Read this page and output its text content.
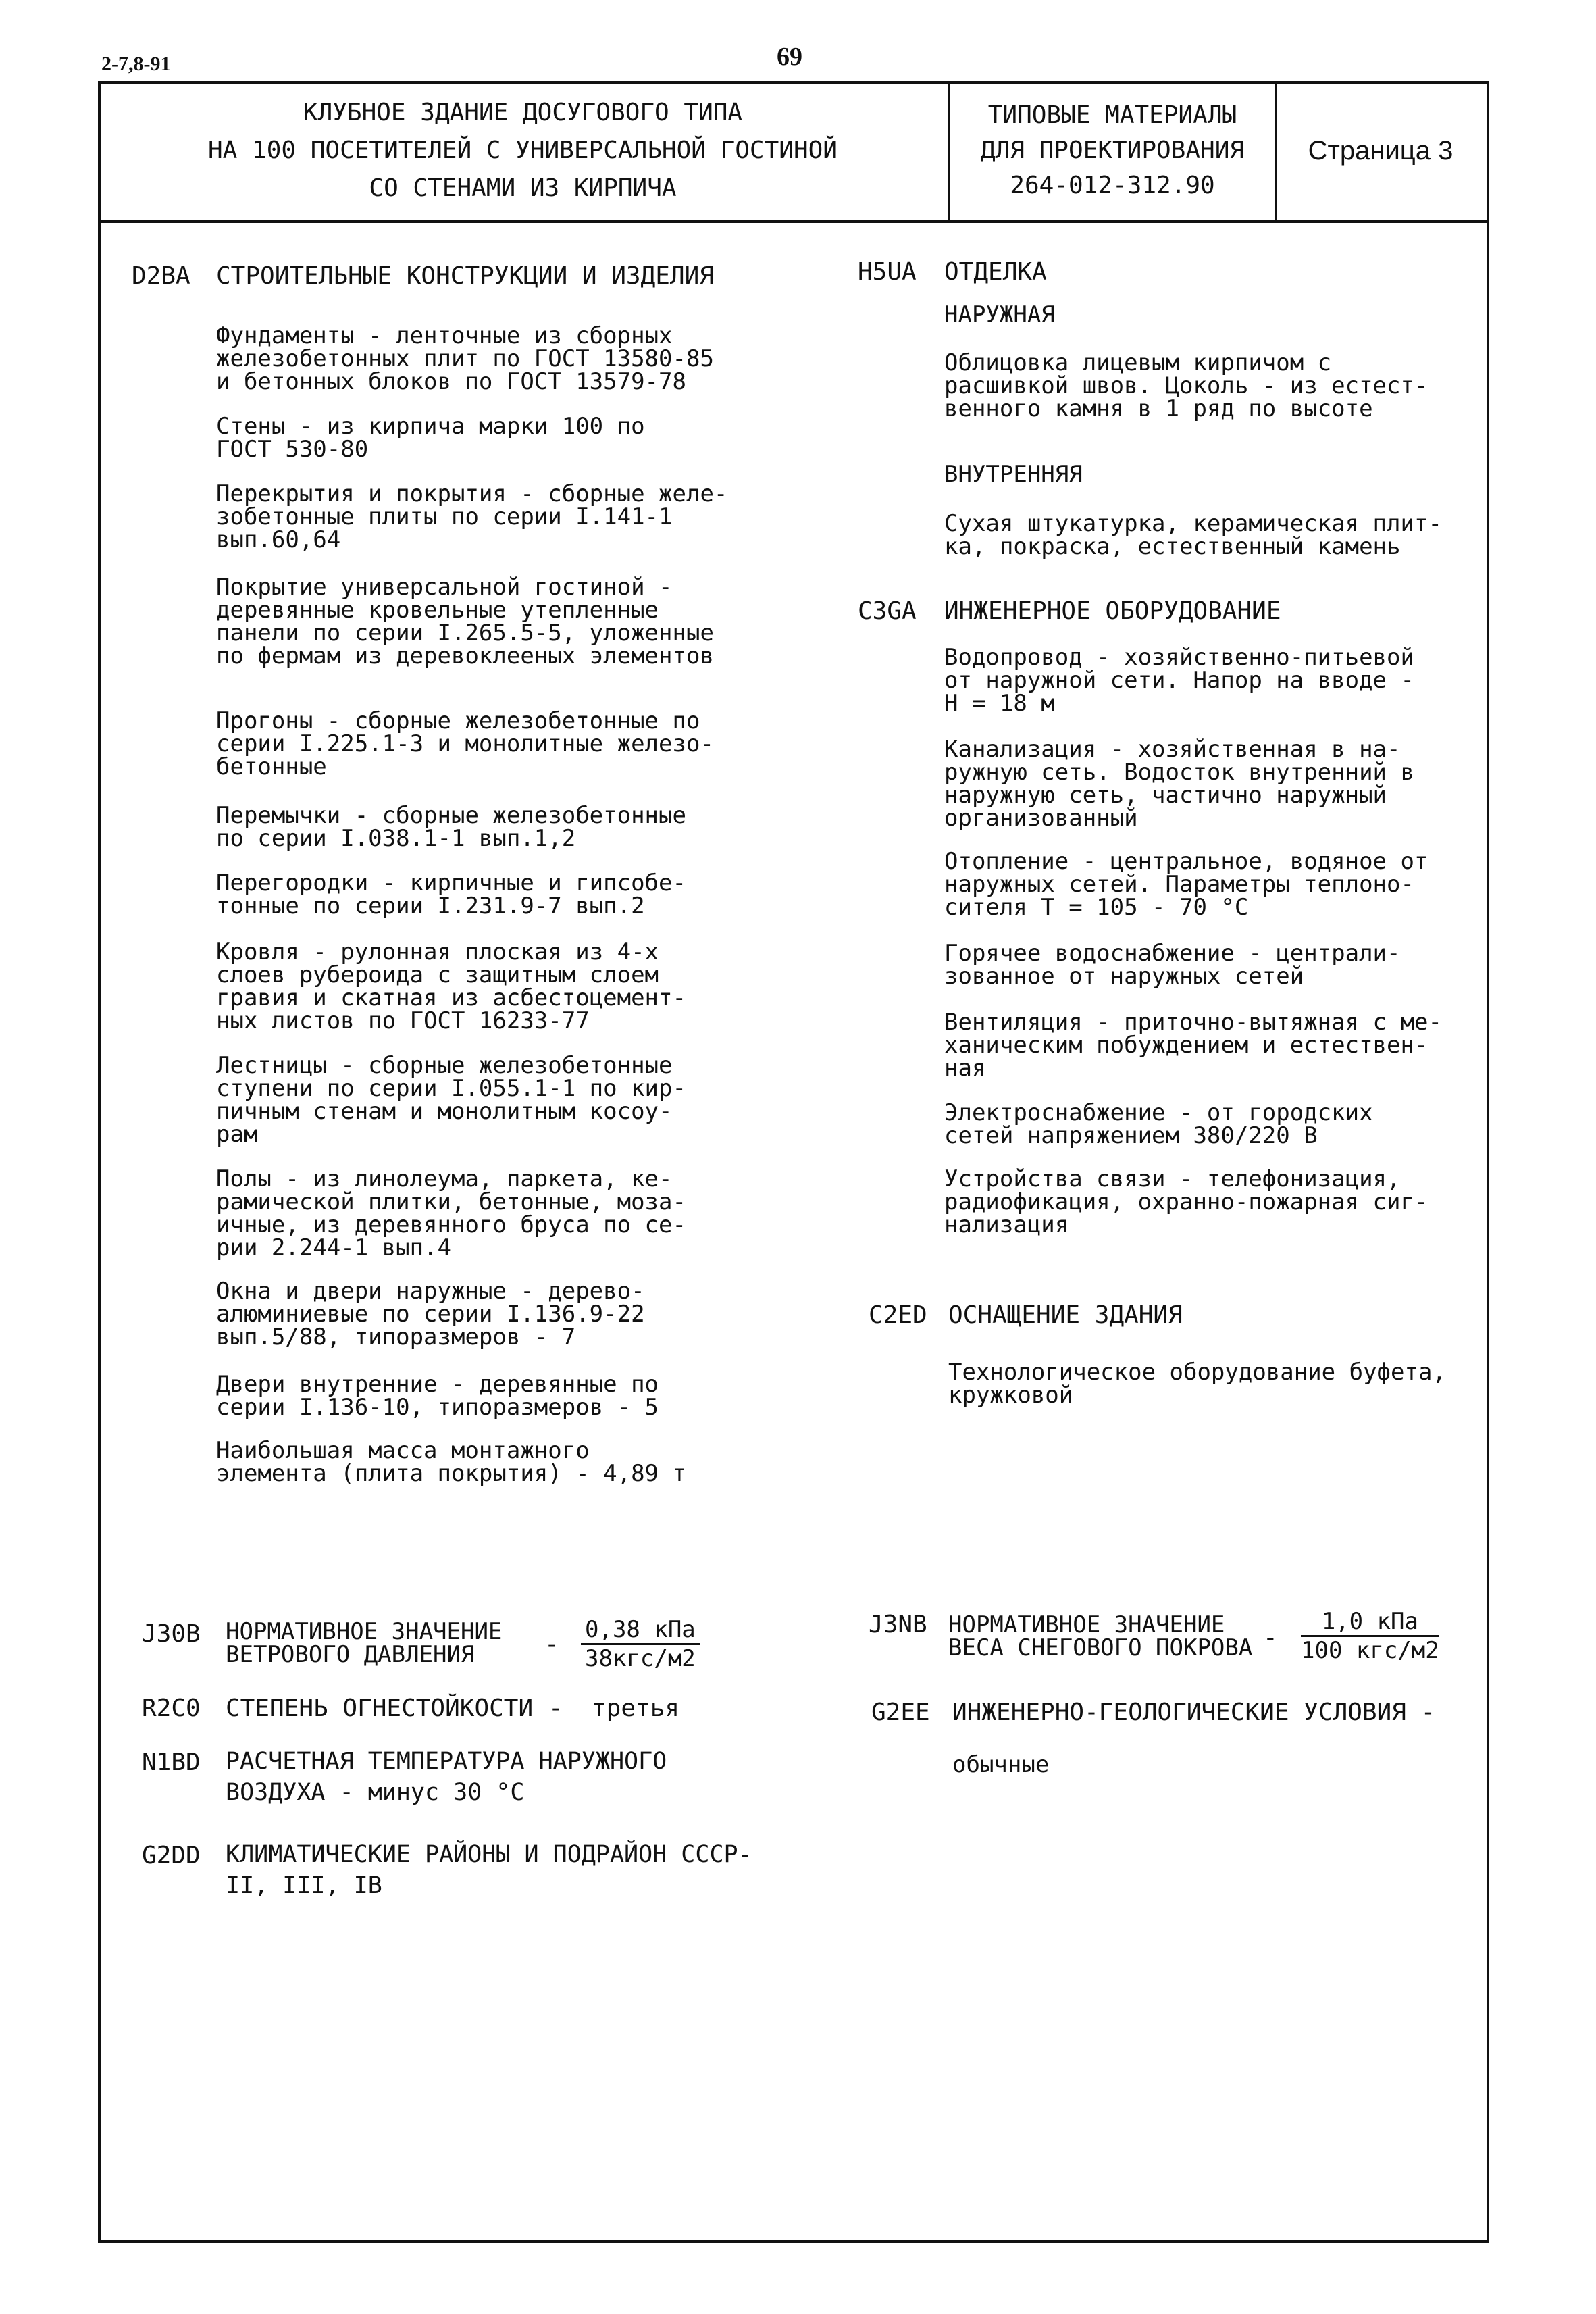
2-7,8-91	69
КЛУБНОЕ ЗДАНИЕ ДОСУГОВОГО ТИПА
НА 100 ПОСЕТИТЕЛЕЙ С УНИВЕРСАЛЬНОЙ ГОСТИНОЙ
СО СТЕНАМИ ИЗ КИРПИЧА
ТИПОВЫЕ МАТЕРИАЛЫ
ДЛЯ ПРОЕКТИРОВАНИЯ
264-012-312.90
Страница 3
D2BA СТРОИТЕЛЬНЫЕ КОНСТРУКЦИИ И ИЗДЕЛИЯ
Фундаменты - ленточные из сборных
железобетонных плит по ГОСТ 13580-85
и бетонных блоков по ГОСТ 13579-78
Стены - из кирпича марки 100 по
ГОСТ 530-80
Перекрытия и покрытия - сборные желе-
зобетонные плиты по серии I.141-1
вып.60,64
Покрытие универсальной гостиной -
деревянные кровельные утепленные
панели по серии I.265.5-5, уложенные
по фермам из деревоклееных элементов
Прогоны - сборные железобетонные по
серии I.225.1-3 и монолитные железо-
бетонные
Перемычки - сборные железобетонные
по серии I.038.1-1 вып.1,2
Перегородки - кирпичные и гипсобе-
тонные по серии I.231.9-7 вып.2
Кровля - рулонная плоская из 4-х
слоев рубероида с защитным слоем
гравия и скатная из асбестоцемент-
ных листов по ГОСТ 16233-77
Лестницы - сборные железобетонные
ступени по серии I.055.1-1 по кир-
пичным стенам и монолитным косоу-
рам
Полы - из линолеума, паркета, ке-
рамической плитки, бетонные, моза-
ичные, из деревянного бруса по се-
рии 2.244-1 вып.4
Окна и двери наружные - дерево-
алюминиевые по серии I.136.9-22
вып.5/88, типоразмеров - 7
Двери внутренние - деревянные по
серии I.136-10, типоразмеров - 5
Наибольшая масса монтажного
элемента (плита покрытия) - 4,89 т
H5UA ОТДЕЛКА
НАРУЖНАЯ
Облицовка лицевым кирпичом с
расшивкой швов. Цоколь - из естест-
венного камня в 1 ряд по высоте
ВНУТРЕННЯЯ
Сухая штукатурка, керамическая плит-
ка, покраска, естественный камень
C3GA ИНЖЕНЕРНОЕ ОБОРУДОВАНИЕ
Водопровод - хозяйственно-питьевой
от наружной сети. Напор на вводе -
H = 18 м
Канализация - хозяйственная в на-
ружную сеть. Водосток внутренний в
наружную сеть, частично наружный
организованный
Отопление - центральное, водяное от
наружных сетей. Параметры теплоно-
сителя Т = 105 - 70 °С
Горячее водоснабжение - централи-
зованное от наружных сетей
Вентиляция - приточно-вытяжная с ме-
ханическим побуждением и естествен-
ная
Электроснабжение - от городских
сетей напряжением 380/220 В
Устройства связи - телефонизация,
радиофикация, охранно-пожарная сиг-
нализация
C2ED ОСНАЩЕНИЕ ЗДАНИЯ
Технологическое оборудование буфета,
кружковой
J30B НОРМАТИВНОЕ ЗНАЧЕНИЕ
ВЕТРОВОГО ДАВЛЕНИЯ	-
0,38 кПа
38кгс/м2
R2C0 СТЕПЕНЬ ОГНЕСТОЙКОСТИ - третья
N1BD РАСЧЕТНАЯ ТЕМПЕРАТУРА НАРУЖНОГО
ВОЗДУХА - минус 30 °С
G2DD КЛИМАТИЧЕСКИЕ РАЙОНЫ И ПОДРАЙОН СССР-
II, III, IB
J3NB НОРМАТИВНОЕ ЗНАЧЕНИЕ
ВЕСА СНЕГОВОГО ПОКРОВА -
1,0 кПа
100 кгс/м2
G2EE ИНЖЕНЕРНО-ГЕОЛОГИЧЕСКИЕ УСЛОВИЯ -
обычные
